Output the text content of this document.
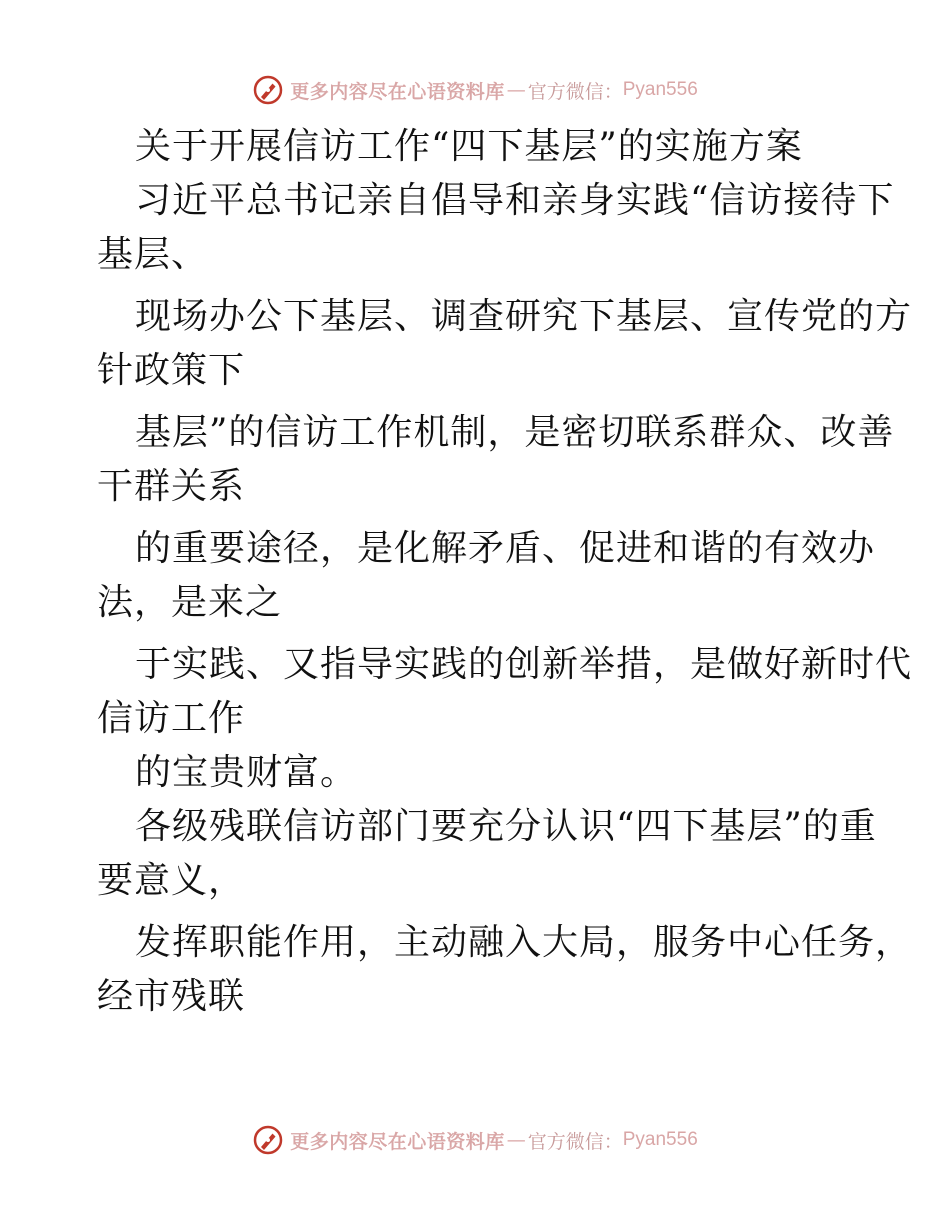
更多内容尽在心语资料库 — 官方微信： Pyan556
关于开展信访工作“四下基层”的实施方案
习近平总书记亲自倡导和亲身实践“信访接待下
基层、
现场办公下基层、调查研究下基层、宣传党的方
针政策下
基层”的信访工作机制，是密切联系群众、改善
干群关系
的重要途径，是化解矛盾、促进和谐的有效办
法，是来之
于实践、又指导实践的创新举措，是做好新时代
信访工作
的宝贵财富。
各级残联信访部门要充分认识“四下基层”的重
要意义，
发挥职能作用，主动融入大局，服务中心任务，
经市残联
更多内容尽在心语资料库 — 官方微信： Pyan556
